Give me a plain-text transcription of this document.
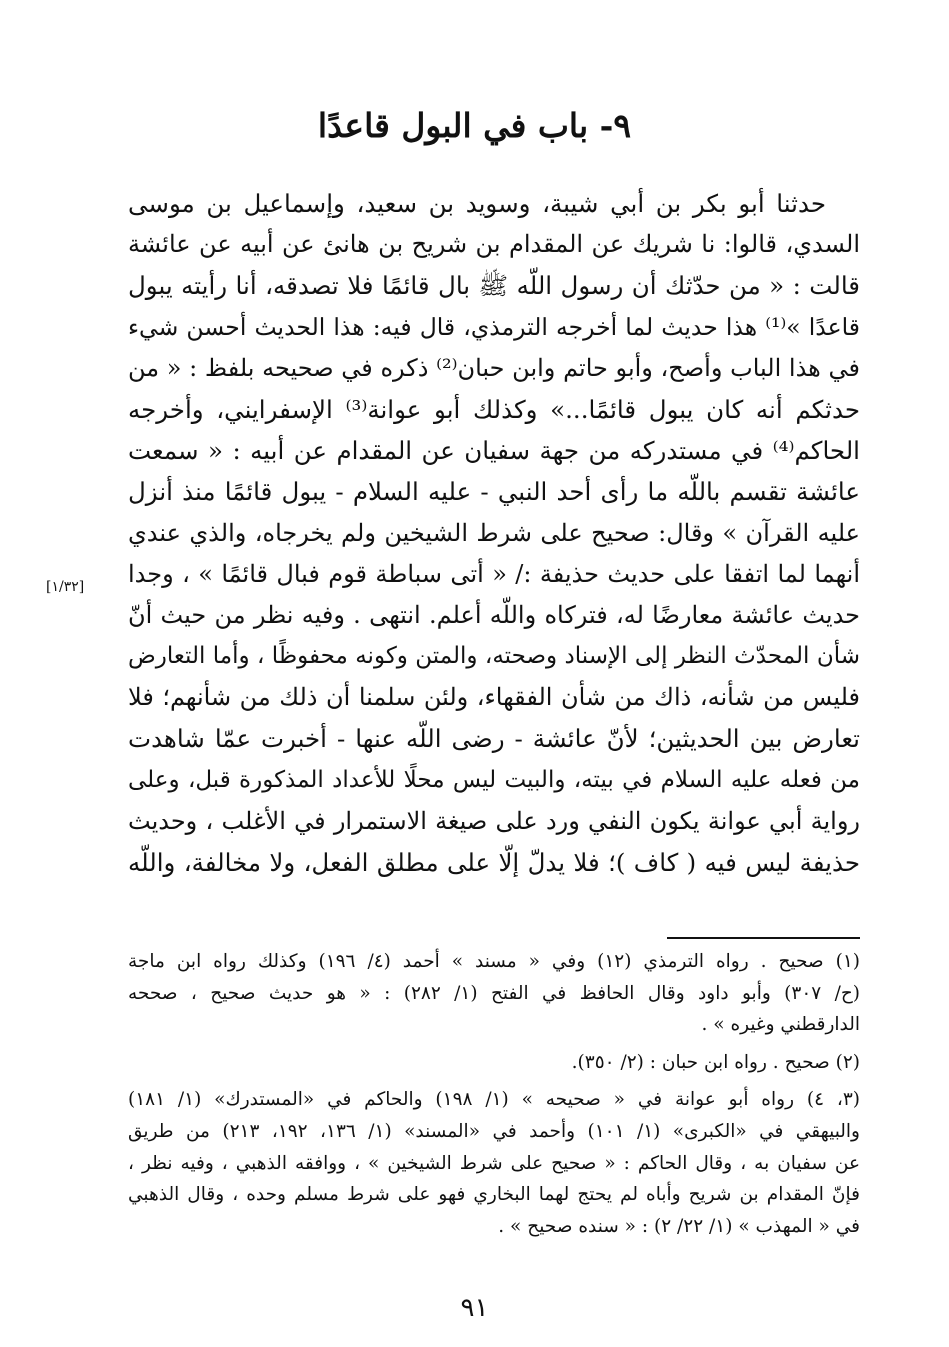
٩- باب في البول قاعدًا
حدثنا أبو بكر بن أبي شيبة، وسويد بن سعيد، وإسماعيل بن موسى
السدي، قالوا: نا شريك عن المقدام بن شريح بن هانئ عن أبيه عن عائشة
قالت : « من حدّثك أن رسول اللّه ﷺ بال قائمًا فلا تصدقه، أنا رأيته يبول
قاعدًا »⁽¹⁾ هذا حديث لما أخرجه الترمذي، قال فيه: هذا الحديث أحسن شيء
في هذا الباب وأصح، وأبو حاتم وابن حبان⁽²⁾ ذكره في صحيحه بلفظ : « من
حدثكم أنه كان يبول قائمًا...» وكذلك أبو عوانة⁽³⁾ الإسفرايني، وأخرجه
الحاكم⁽⁴⁾ في مستدركه من جهة سفيان عن المقدام عن أبيه : « سمعت
عائشة تقسم باللّه ما رأى أحد النبي - عليه السلام - يبول قائمًا منذ أنزل
عليه القرآن » وقال: صحيح على شرط الشيخين ولم يخرجاه، والذي عندي
أنهما لما اتفقا على حديث حذيفة :/ « أتى سباطة قوم فبال قائمًا » ، وجدا
حديث عائشة معارضًا له، فتركاه واللّه أعلم. انتهى . وفيه نظر من حيث أنّ
شأن المحدّث النظر إلى الإسناد وصحته، والمتن وكونه محفوظًا ، وأما التعارض
فليس من شأنه، ذاك من شأن الفقهاء، ولئن سلمنا أن ذلك من شأنهم؛ فلا
تعارض بين الحديثين؛ لأنّ عائشة - رضى اللّه عنها - أخبرت عمّا شاهدت
من فعله عليه السلام في بيته، والبيت ليس محلًا للأعداد المذكورة قبل، وعلى
رواية أبي عوانة يكون النفي ورد على صيغة الاستمرار في الأغلب ، وحديث
حذيفة ليس فيه ( كاف )؛ فلا يدلّ إلّا على مطلق الفعل، ولا مخالفة، واللّه
[١/٣٢]
(١) صحيح . رواه الترمذي (١٢) وفي « مسند » أحمد (٤/ ١٩٦) وكذلك رواه ابن ماجة
(ح/ ٣٠٧) وأبو داود وقال الحافظ في الفتح (١/ ٢٨٢) : « هو حديث صحيح ، صححه
الدارقطني وغيره » .
(٢) صحيح . رواه ابن حبان : (٢/ ٣٥٠).
(٣، ٤) رواه أبو عوانة في « صحيحه » (١/ ١٩٨) والحاكم في «المستدرك» (١/ ١٨١)
والبيهقي في «الكبرى» (١/ ١٠١) وأحمد في «المسند» (١/ ١٣٦، ١٩٢، ٢١٣) من طريق
عن سفيان به ، وقال الحاكم : « صحيح على شرط الشيخين » ، ووافقه الذهبي ، وفيه نظر ،
فإنّ المقدام بن شريح وأباه لم يحتج لهما البخاري فهو على شرط مسلم وحده ، وقال الذهبي
في « المهذب » (١/ ٢٢/ ٢) : « سنده صحيح » .
٩١
